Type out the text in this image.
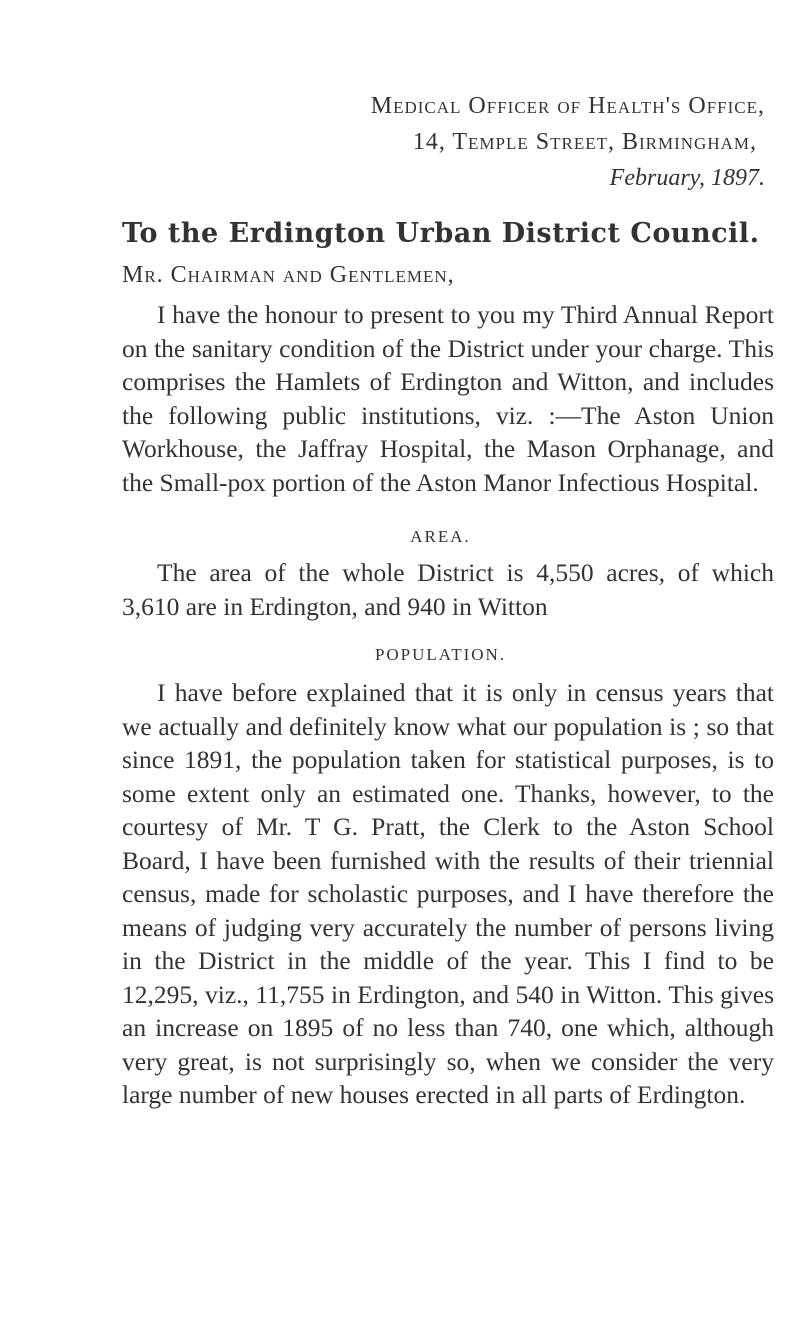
Medical Officer of Health's Office,
14, Temple Street, Birmingham,
February, 1897.
To the Erdington Urban District Council.
Mr. Chairman and Gentlemen,
I have the honour to present to you my Third Annual Report on the sanitary condition of the District under your charge. This comprises the Hamlets of Erdington and Witton, and includes the following public institutions, viz. :—The Aston Union Workhouse, the Jaffray Hospital, the Mason Orphanage, and the Small-pox portion of the Aston Manor Infectious Hospital.
AREA.
The area of the whole District is 4,550 acres, of which 3,610 are in Erdington, and 940 in Witton
POPULATION.
I have before explained that it is only in census years that we actually and definitely know what our population is ; so that since 1891, the population taken for statistical purposes, is to some extent only an estimated one. Thanks, however, to the courtesy of Mr. T G. Pratt, the Clerk to the Aston School Board, I have been furnished with the results of their triennial census, made for scholastic purposes, and I have therefore the means of judging very accurately the number of persons living in the District in the middle of the year. This I find to be 12,295, viz., 11,755 in Erdington, and 540 in Witton. This gives an increase on 1895 of no less than 740, one which, although very great, is not surprisingly so, when we consider the very large number of new houses erected in all parts of Erdington.
